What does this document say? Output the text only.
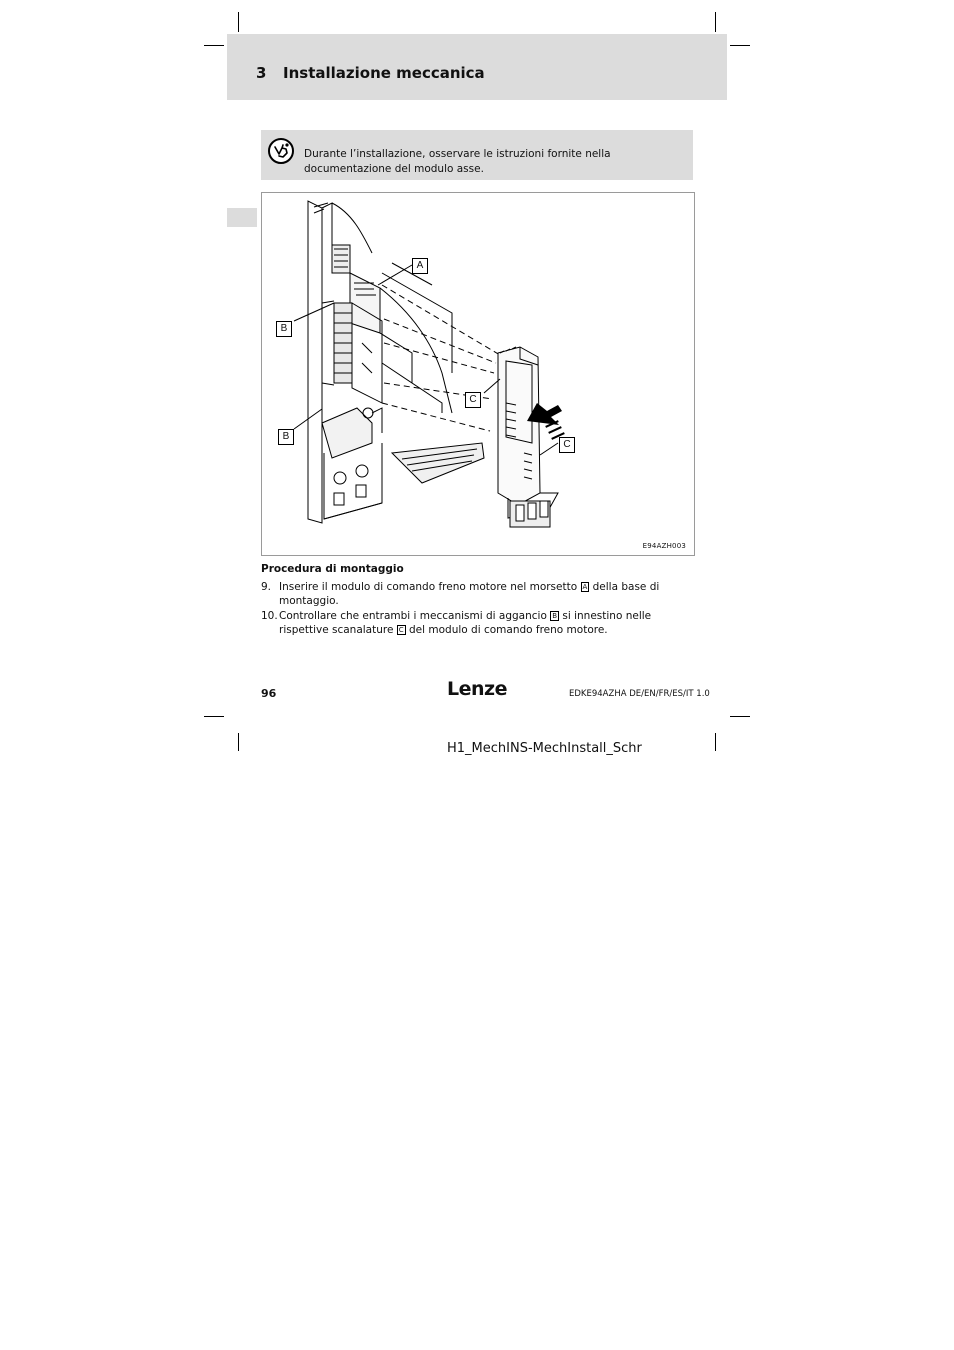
3 Installazione meccanica
Durante l’installazione, osservare le istruzioni fornite nella documentazione del modulo asse.
A
B
B
C
C
E94AZH003
Procedura di montaggio
9. Inserire il modulo di comando freno motore nel morsetto A della base di montaggio.
10. Controllare che entrambi i meccanismi di aggancio B si innestino nelle rispettive scanalature C del modulo di comando freno motore.
96	Lenze	EDKE94AZHA DE/EN/FR/ES/IT 1.0
H1_MechINS-MechInstall_Schr
